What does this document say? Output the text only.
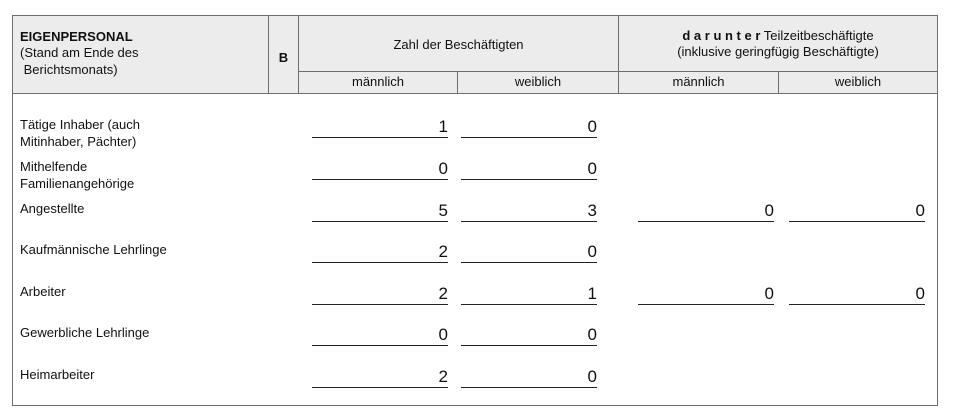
EIGENPERSONAL
(Stand am Ende des
Berichtsmonats)
B
Zahl der Beschäftigten
d a r u n t e r Teilzeitbeschäftigte
(inklusive geringfügig Beschäftigte)
männlich	weiblich	männlich	weiblich
Tätige Inhaber (auch
Mitinhaber, Pächter)
1	0
Mithelfende
Familienangehörige
0	0
Angestellte	5	3	0	0
Kaufmännische Lehrlinge	2	0
Arbeiter	2	1	0	0
Gewerbliche Lehrlinge	0	0
Heimarbeiter	2	0
